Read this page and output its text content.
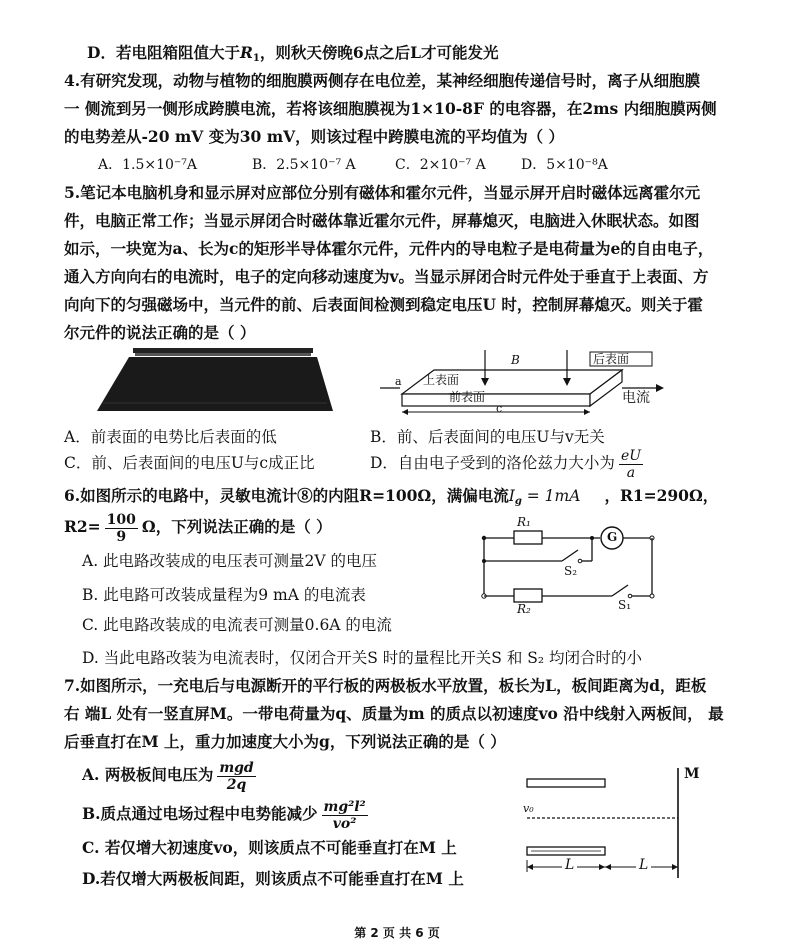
D．若电阻箱阻值大于$R_1$，则秋天傍晚6点之后L才可能发光
4.有研究发现，动物与植物的细胞膜两侧存在电位差，某神经细胞传递信号时，离子从细胞膜
一 侧流到另一侧形成跨膜电流，若将该细胞膜视为1×10-8F 的电容器，在2ms 内细胞膜两侧
的电势差从-20 mV 变为30 mV，则该过程中跨膜电流的平均值为（ ）
A．1.5×10⁻⁷A	B．2.5×10⁻⁷ A	C．2×10⁻⁷ A	D．5×10⁻⁸A
5.笔记本电脑机身和显示屏对应部位分别有磁体和霍尔元件，当显示屏开启时磁体远离霍尔元
件，电脑正常工作；当显示屏闭合时磁体靠近霍尔元件，屏幕熄灭，电脑进入休眠状态。如图
如示，一块宽为a、长为c的矩形半导体霍尔元件，元件内的导电粒子是电荷量为e的自由电子，
通入方向向右的电流时，电子的定向移动速度为v。当显示屏闭合时元件处于垂直于上表面、方
向向下的匀强磁场中，当元件的前、后表面间检测到稳定电压U 时，控制屏幕熄灭。则关于霍
尔元件的说法正确的是（ ）
B	后表面
a 上表面
前表面
c
电流
A．前表面的电势比后表面的低	B．前、后表面间的电压U与v无关
C．前、后表面间的电压U与c成正比	D．自由电子受到的洛伦兹力大小为 $\frac{eU}{a}$
6.如图所示的电路中，灵敏电流计⑧的内阻R=100Ω，满偏电流$I_g = 1mA$ ，R1=290Ω，
$R2= \frac{100}{9}$ Ω，下列说法正确的是（ ）	R₁
G
S₂
R₂	S₁
A. 此电路改装成的电压表可测量2V 的电压
B. 此电路可改装成量程为9 mA 的电流表
C. 此电路改装成的电流表可测量0.6A 的电流
D. 当此电路改装为电流表时，仅闭合开关S 时的量程比开关S 和 S₂ 均闭合时的小
7.如图所示，一充电后与电源断开的平行板的两极板水平放置，板长为L，板间距离为d，距板
右 端L 处有一竖直屏M。一带电荷量为q、质量为m 的质点以初速度vo 沿中线射入两板间， 最
后垂直打在M 上，重力加速度大小为g，下列说法正确的是（ ）
A. 两极板间电压为 $\frac{\text{mgd}}{2q}$
B.质点通过电场过程中电势能减少 $\frac{\text{mg²l²}}{\text{vo²}}$
C. 若仅增大初速度vo，则该质点不可能垂直打在M 上
D.若仅增大两极板间距，则该质点不可能垂直打在M 上
M
v₀
L	L
第 2 页 共 6 页
